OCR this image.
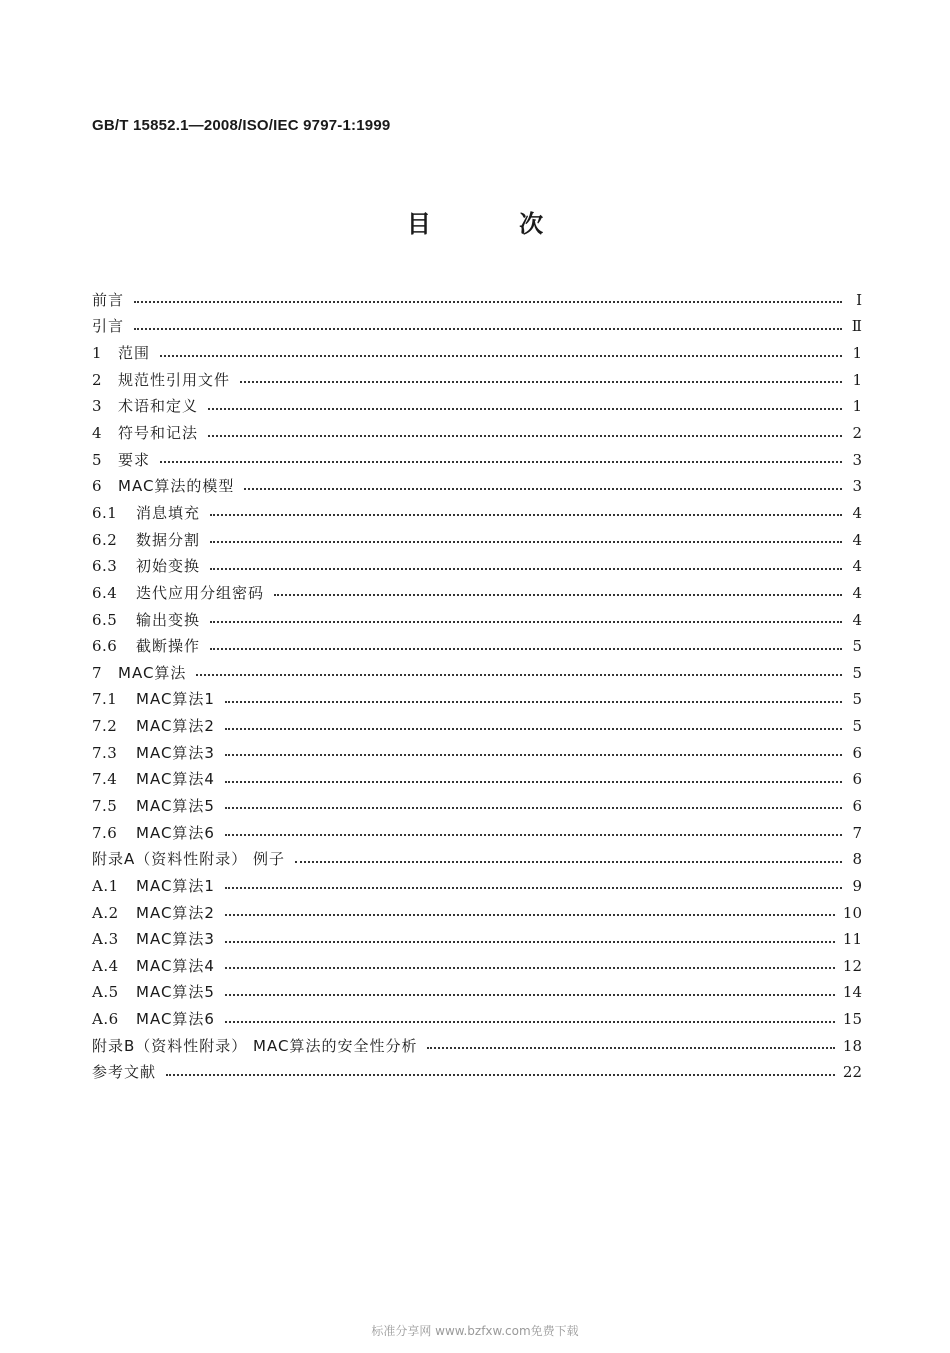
GB/T 15852.1—2008/ISO/IEC 9797-1:1999
目 次
前言	I
引言	Ⅱ
1	范围	1
2	规范性引用文件	1
3	术语和定义	1
4	符号和记法	2
5	要求	3
6	MAC算法的模型	3
6.1	消息填充	4
6.2	数据分割	4
6.3	初始变换	4
6.4	迭代应用分组密码	4
6.5	输出变换	4
6.6	截断操作	5
7	MAC算法	5
7.1	MAC算法1	5
7.2	MAC算法2	5
7.3	MAC算法3	6
7.4	MAC算法4	6
7.5	MAC算法5	6
7.6	MAC算法6	7
附录A（资料性附录） 例子	8
A.1	MAC算法1	9
A.2	MAC算法2	10
A.3	MAC算法3	11
A.4	MAC算法4	12
A.5	MAC算法5	14
A.6	MAC算法6	15
附录B（资料性附录） MAC算法的安全性分析	18
参考文献	22
标准分享网 www.bzfxw.com免费下载
